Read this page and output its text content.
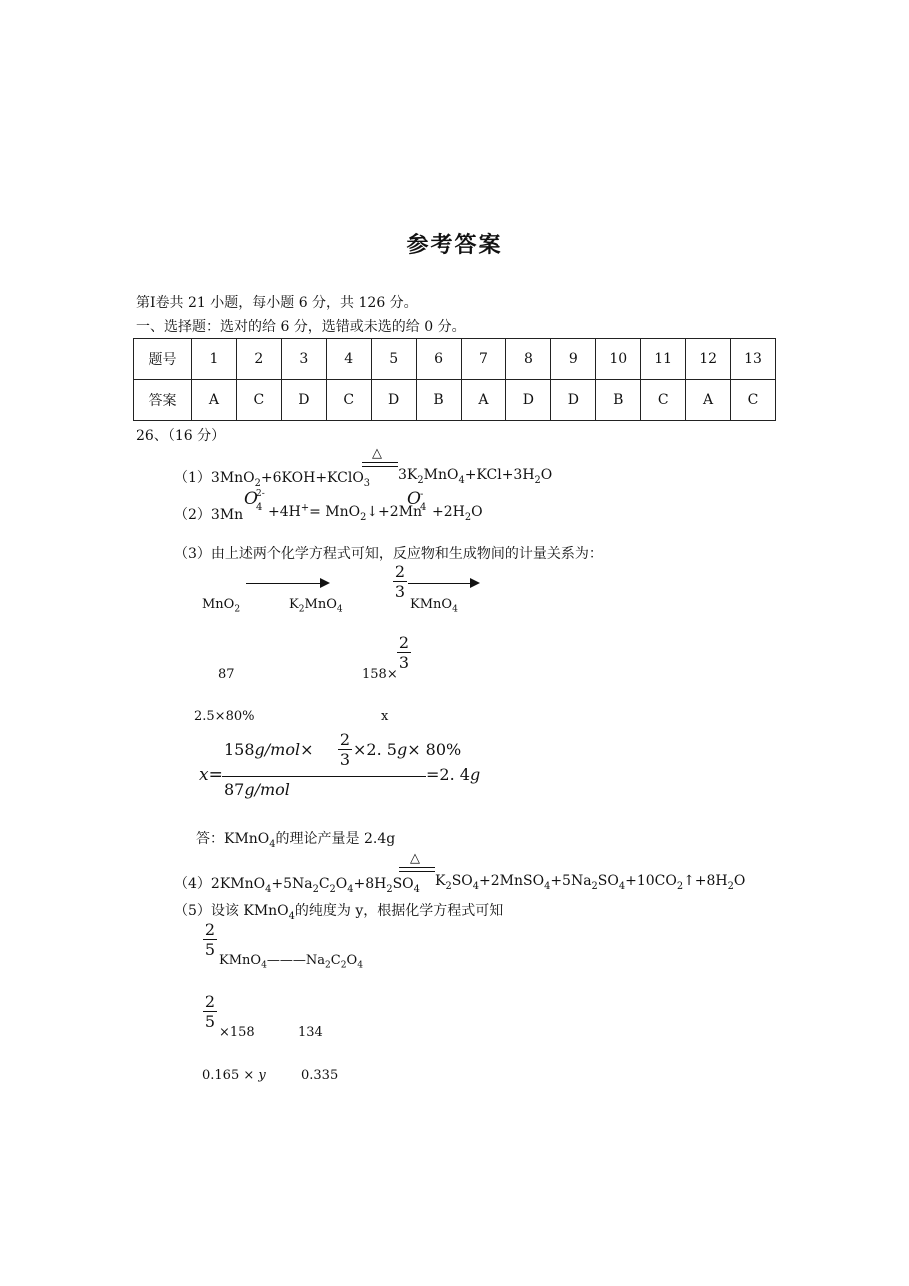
参考答案
第Ⅰ卷共 21 小题，每小题 6 分，共 126 分。
一、选择题：选对的给 6 分，选错或未选的给 0 分。
题号	1	2	3	4	5	6	7	8	9	10	11	12	13
答案	A	C	D	C	D	B	A	D	D	B	C	A	C
26、（16 分）
（1）3MnO$_2$+6KOH+KClO$_3$
△
$3K_2MnO_4+KCl+3H_2O$
（2）3Mn
O
2-
4 +4H+= MnO$_2$↓+2Mn
O -
$4 +2H_2O$
（3）由上述两个化学方程式可知，反应物和生成物间的计量关系为：
2
3
MnO$_2$	$K_2MnO_4$	KMnO$_4$
87	158×
2
3
2.5×80%	x
x=
158g/mol×
2
3
×2. 5g× 80%
87g/mol
=2. 4g
答：KMnO$_4$的理论产量是 2.4g
$(4)2KMnO_4+5Na_2C_2O_4+8H_2SO_4$
△
$K_2SO_4+2MnSO_4+5Na_2SO_4+10CO_2↑+8H_2O$
（5）设该 KMnO$_4$的纯度为 y，根据化学方程式可知
2
5
$KMnO_4———Na_2C_2O_4$
2
5
×158	134
0.165 × y	0.335
